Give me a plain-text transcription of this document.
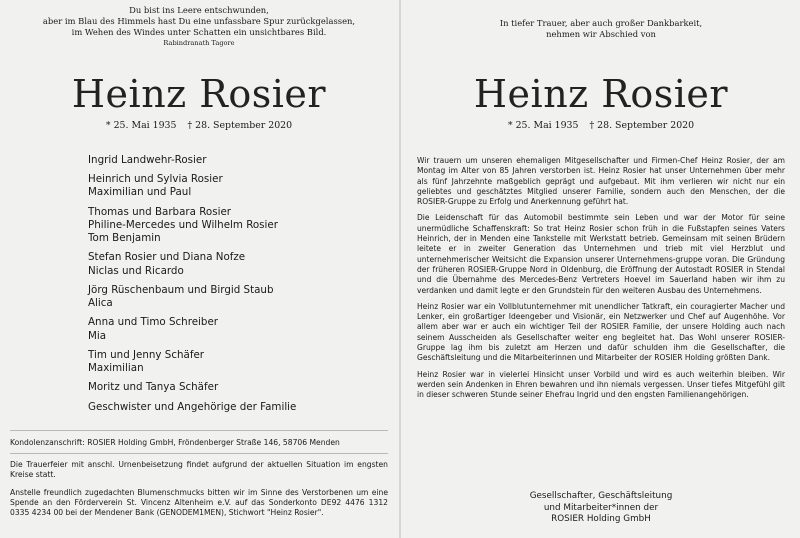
Du bist ins Leere entschwunden,
aber im Blau des Himmels hast Du eine unfassbare Spur zurückgelassen,
im Wehen des Windes unter Schatten ein unsichtbares Bild.
Rabindranath Tagore
Heinz Rosier
* 25. Mai 1935 † 28. September 2020
Ingrid Landwehr-Rosier
Heinrich und Sylvia Rosier
Maximilian und Paul
Thomas und Barbara Rosier
Philine-Mercedes und Wilhelm Rosier
Tom Benjamin
Stefan Rosier und Diana Nofze
Niclas und Ricardo
Jörg Rüschenbaum und Birgid Staub
Alica
Anna und Timo Schreiber
Mia
Tim und Jenny Schäfer
Maximilian
Moritz und Tanya Schäfer
Geschwister und Angehörige der Familie
Kondolenzanschrift: ROSIER Holding GmbH, Fröndenberger Straße 146, 58706 Menden
Die Trauerfeier mit anschl. Urnenbeisetzung findet aufgrund der aktuellen Situation im engsten Kreise statt.
Anstelle freundlich zugedachten Blumenschmucks bitten wir im Sinne des Verstorbenen um eine Spende an den Förderverein St. Vincenz Altenheim e.V. auf das Sonderkonto DE92 4476 1312 0335 4234 00 bei der Mendener Bank (GENODEM1MEN), Stichwort "Heinz Rosier".
In tiefer Trauer, aber auch großer Dankbarkeit,
nehmen wir Abschied von
Heinz Rosier
* 25. Mai 1935 † 28. September 2020

Wir trauern um unseren ehemaligen Mitgesellschafter und Firmen-Chef Heinz Rosier, der am Montag im Alter von 85 Jahren verstorben ist. Heinz Rosier hat unser Unternehmen über mehr als fünf Jahrzehnte maßgeblich geprägt und aufgebaut. Mit ihm verlieren wir nicht nur ein geliebtes und geschätztes Mitglied unserer Familie, sondern auch den Menschen, der die ROSIER-Gruppe zu Erfolg und Anerkennung geführt hat.

Die Leidenschaft für das Automobil bestimmte sein Leben und war der Motor für seine unermüdliche Schaffenskraft: So trat Heinz Rosier schon früh in die Fußstapfen seines Vaters Heinrich, der in Menden eine Tankstelle mit Werkstatt betrieb. Gemeinsam mit seinen Brüdern leitete er in zweiter Generation das Unternehmen und trieb mit viel Herzblut und unternehmerischer Weitsicht die Expansion unserer Unternehmens-gruppe voran. Die Gründung der früheren ROSIER-Gruppe Nord in Oldenburg, die Eröffnung der Autostadt ROSIER in Stendal und die Übernahme des Mercedes-Benz Vertreters Hoevel im Sauerland haben wir ihm zu verdanken und damit legte er den Grundstein für den weiteren Ausbau des Unternehmens.

Heinz Rosier war ein Vollblutunternehmer mit unendlicher Tatkraft, ein couragierter Macher und Lenker, ein großartiger Ideengeber und Visionär, ein Netzwerker und Chef auf Augenhöhe. Vor allem aber war er auch ein wichtiger Teil der ROSIER Familie, der unsere Holding auch nach seinem Ausscheiden als Gesellschafter weiter eng begleitet hat. Das Wohl unserer ROSIER-Gruppe lag ihm bis zuletzt am Herzen und dafür schulden ihm die Gesellschafter, die Geschäftsleitung und die Mitarbeiterinnen und Mitarbeiter der ROSIER Holding größten Dank.

Heinz Rosier war in vielerlei Hinsicht unser Vorbild und wird es auch weiterhin bleiben. Wir werden sein Andenken in Ehren bewahren und ihn niemals vergessen. Unser tiefes Mitgefühl gilt in dieser schweren Stunde seiner Ehefrau Ingrid und den engsten Familienangehörigen.

Gesellschafter, Geschäftsleitung
und Mitarbeiter*innen der
ROSIER Holding GmbH
